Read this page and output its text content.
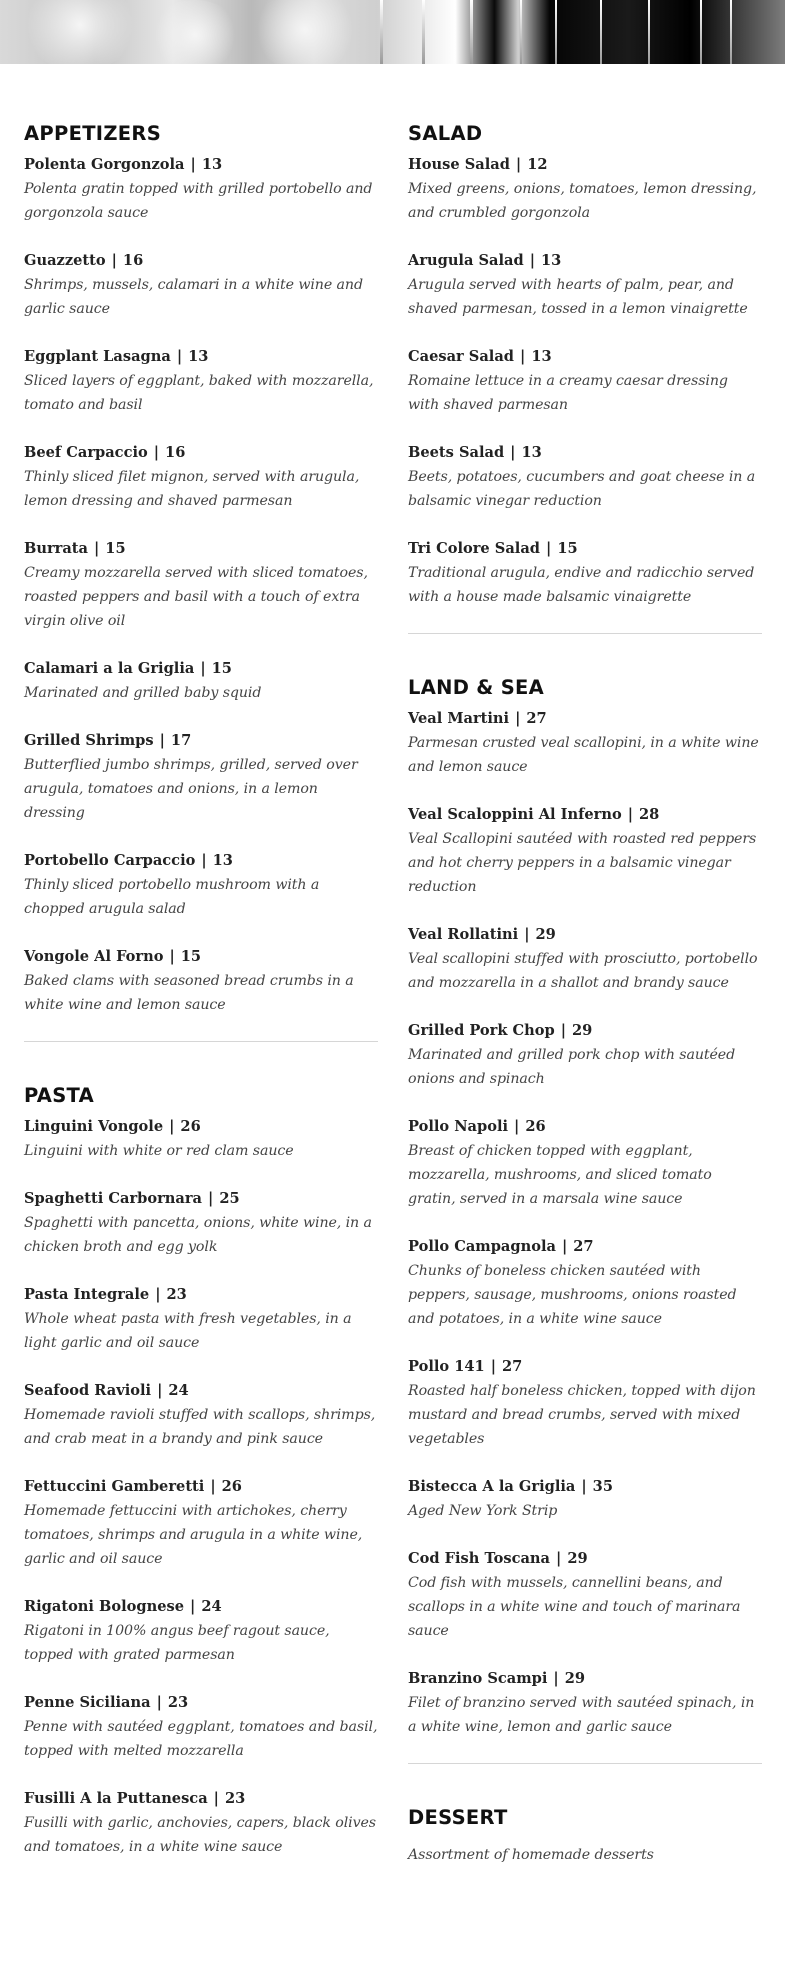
APPETIZERS
Polenta Gorgonzola | 13
Polenta gratin topped with grilled portobello and gorgonzola sauce
Guazzetto | 16
Shrimps, mussels, calamari in a white wine and garlic sauce
Eggplant Lasagna | 13
Sliced layers of eggplant, baked with mozzarella, tomato and basil
Beef Carpaccio | 16
Thinly sliced filet mignon, served with arugula, lemon dressing and shaved parmesan
Burrata | 15
Creamy mozzarella served with sliced tomatoes, roasted peppers and basil with a touch of extra virgin olive oil
Calamari a la Griglia | 15
Marinated and grilled baby squid
Grilled Shrimps | 17
Butterflied jumbo shrimps, grilled, served over arugula, tomatoes and onions, in a lemon dressing
Portobello Carpaccio | 13
Thinly sliced portobello mushroom with a chopped arugula salad
Vongole Al Forno | 15
Baked clams with seasoned bread crumbs in a white wine and lemon sauce
PASTA
Linguini Vongole | 26
Linguini with white or red clam sauce
Spaghetti Carbornara | 25
Spaghetti with pancetta, onions, white wine, in a chicken broth and egg yolk
Pasta Integrale | 23
Whole wheat pasta with fresh vegetables, in a light garlic and oil sauce
Seafood Ravioli | 24
Homemade ravioli stuffed with scallops, shrimps, and crab meat in a brandy and pink sauce
Fettuccini Gamberetti | 26
Homemade fettuccini with artichokes, cherry tomatoes, shrimps and arugula in a white wine, garlic and oil sauce
Rigatoni Bolognese | 24
Rigatoni in 100% angus beef ragout sauce, topped with grated parmesan
Penne Siciliana | 23
Penne with sautéed eggplant, tomatoes and basil, topped with melted mozzarella
Fusilli A la Puttanesca | 23
Fusilli with garlic, anchovies, capers, black olives and tomatoes, in a white wine sauce
SALAD
House Salad | 12
Mixed greens, onions, tomatoes, lemon dressing, and crumbled gorgonzola
Arugula Salad | 13
Arugula served with hearts of palm, pear, and shaved parmesan, tossed in a lemon vinaigrette
Caesar Salad | 13
Romaine lettuce in a creamy caesar dressing with shaved parmesan
Beets Salad | 13
Beets, potatoes, cucumbers and goat cheese in a balsamic vinegar reduction
Tri Colore Salad | 15
Traditional arugula, endive and radicchio served with a house made balsamic vinaigrette
LAND & SEA
Veal Martini | 27
Parmesan crusted veal scallopini, in a white wine and lemon sauce
Veal Scaloppini Al Inferno | 28
Veal Scallopini sautéed with roasted red peppers and hot cherry peppers in a balsamic vinegar reduction
Veal Rollatini | 29
Veal scallopini stuffed with prosciutto, portobello and mozzarella in a shallot and brandy sauce
Grilled Pork Chop | 29
Marinated and grilled pork chop with sautéed onions and spinach
Pollo Napoli | 26
Breast of chicken topped with eggplant, mozzarella, mushrooms, and sliced tomato gratin, served in a marsala wine sauce
Pollo Campagnola | 27
Chunks of boneless chicken sautéed with peppers, sausage, mushrooms, onions roasted and potatoes, in a white wine sauce
Pollo 141 | 27
Roasted half boneless chicken, topped with dijon mustard and bread crumbs, served with mixed vegetables
Bistecca A la Griglia | 35
Aged New York Strip
Cod Fish Toscana | 29
Cod fish with mussels, cannellini beans, and scallops in a white wine and touch of marinara sauce
Branzino Scampi | 29
Filet of branzino served with sautéed spinach, in a white wine, lemon and garlic sauce
DESSERT
Assortment of homemade desserts
